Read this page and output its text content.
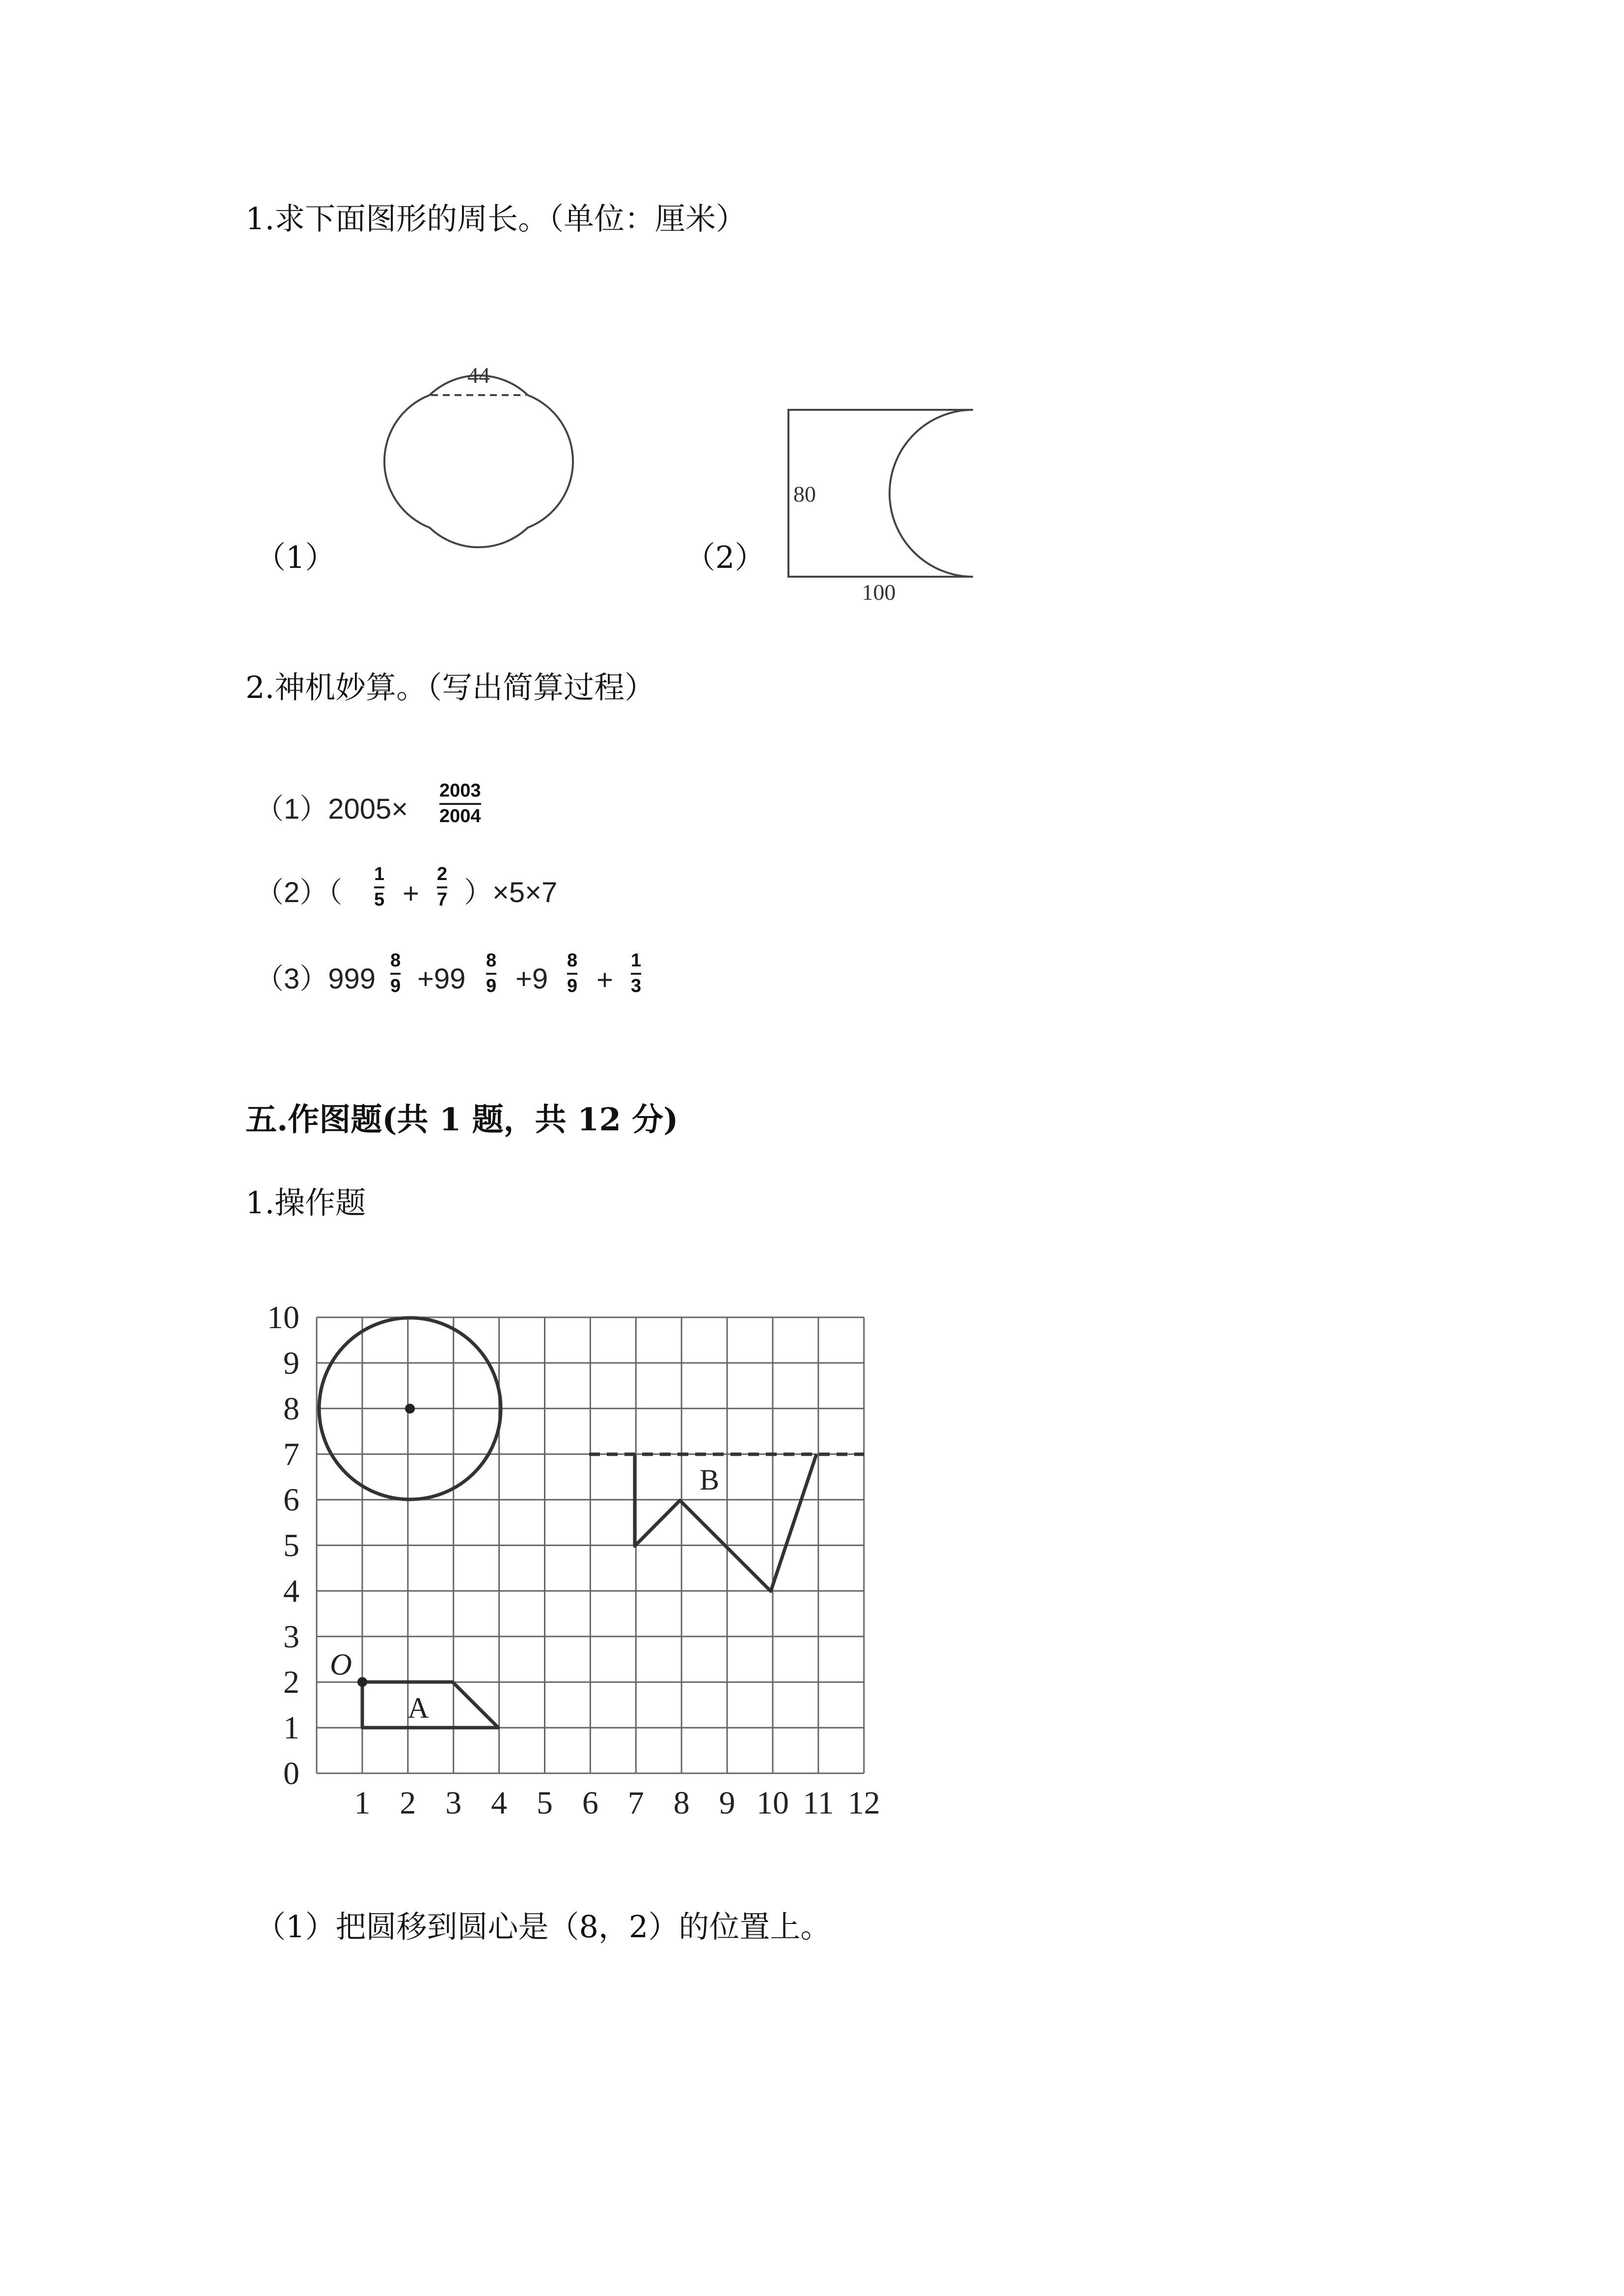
1.求下面图形的周长。（单位：厘米）
44
（1）
80
100
（2）
2.神机妙算。（写出简算过程）
（1）2005×
2003
2004
（2）（
1
5 +
2
7 ）×5×7
（3）999
8
9 +99
8
9 +9
8
9 +
1
3
五.作图题(共 1 题，共 12 分)
1.操作题
1 2 3 4 5 6 7 8 9 10 11 12
0
1
2
3
4
5
6
7
8
9
10
O
A
B
（1）把圆移到圆心是（8，2）的位置上。
